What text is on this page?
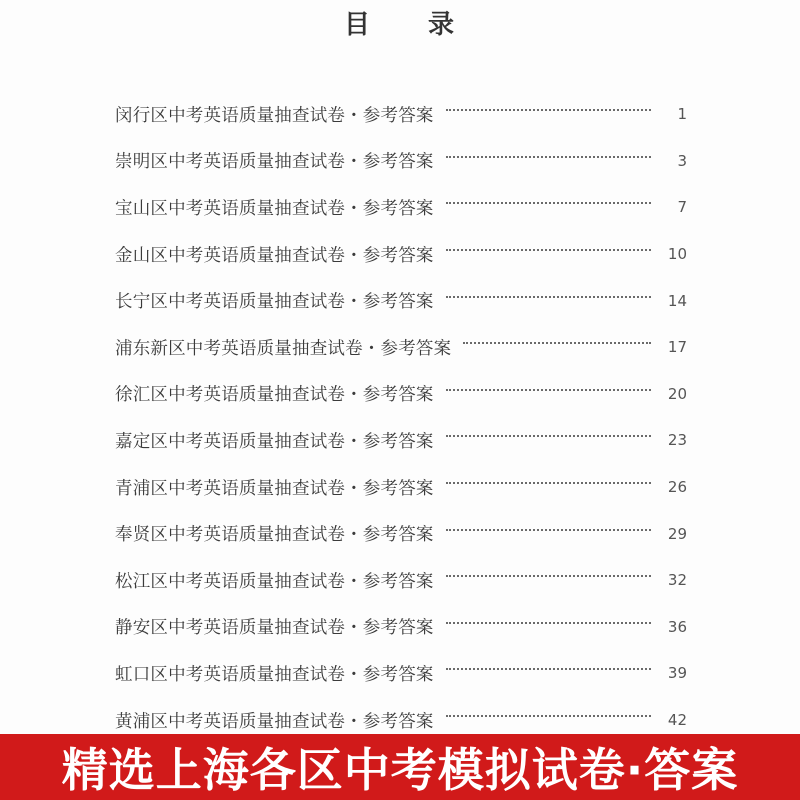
目 录
闵行区中考英语质量抽查试卷・参考答案	1
崇明区中考英语质量抽查试卷・参考答案	3
宝山区中考英语质量抽查试卷・参考答案	7
金山区中考英语质量抽查试卷・参考答案	10
长宁区中考英语质量抽查试卷・参考答案	14
浦东新区中考英语质量抽查试卷・参考答案	17
徐汇区中考英语质量抽查试卷・参考答案	20
嘉定区中考英语质量抽查试卷・参考答案	23
青浦区中考英语质量抽查试卷・参考答案	26
奉贤区中考英语质量抽查试卷・参考答案	29
松江区中考英语质量抽查试卷・参考答案	32
静安区中考英语质量抽查试卷・参考答案	36
虹口区中考英语质量抽查试卷・参考答案	39
黄浦区中考英语质量抽查试卷・参考答案	42
精选上海各区中考模拟试卷·答案
